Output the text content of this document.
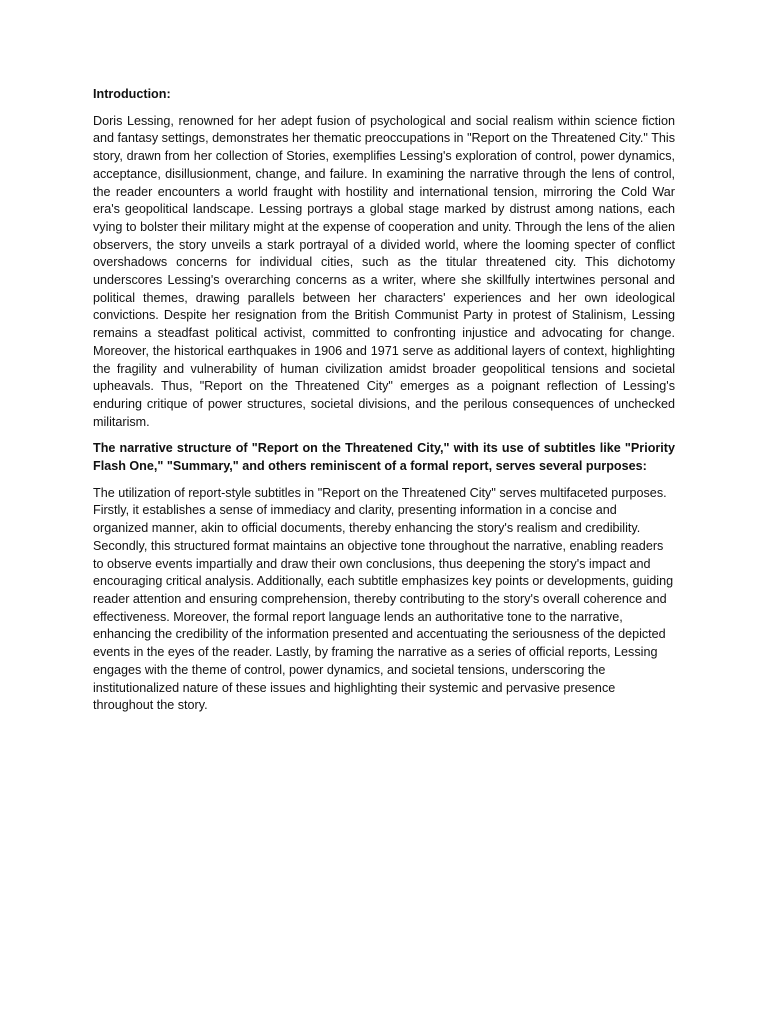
Introduction:

Doris Lessing, renowned for her adept fusion of psychological and social realism within science fiction and fantasy settings, demonstrates her thematic preoccupations in "Report on the Threatened City." This story, drawn from her collection of Stories, exemplifies Lessing's exploration of control, power dynamics, acceptance, disillusionment, change, and failure. In examining the narrative through the lens of control, the reader encounters a world fraught with hostility and international tension, mirroring the Cold War era's geopolitical landscape. Lessing portrays a global stage marked by distrust among nations, each vying to bolster their military might at the expense of cooperation and unity. Through the lens of the alien observers, the story unveils a stark portrayal of a divided world, where the looming specter of conflict overshadows concerns for individual cities, such as the titular threatened city. This dichotomy underscores Lessing's overarching concerns as a writer, where she skillfully intertwines personal and political themes, drawing parallels between her characters' experiences and her own ideological convictions. Despite her resignation from the British Communist Party in protest of Stalinism, Lessing remains a steadfast political activist, committed to confronting injustice and advocating for change. Moreover, the historical earthquakes in 1906 and 1971 serve as additional layers of context, highlighting the fragility and vulnerability of human civilization amidst broader geopolitical tensions and societal upheavals. Thus, "Report on the Threatened City" emerges as a poignant reflection of Lessing's enduring critique of power structures, societal divisions, and the perilous consequences of unchecked militarism.

The narrative structure of "Report on the Threatened City," with its use of subtitles like "Priority Flash One," "Summary," and others reminiscent of a formal report, serves several purposes:

The utilization of report-style subtitles in "Report on the Threatened City" serves multifaceted purposes. Firstly, it establishes a sense of immediacy and clarity, presenting information in a concise and organized manner, akin to official documents, thereby enhancing the story's realism and credibility. Secondly, this structured format maintains an objective tone throughout the narrative, enabling readers to observe events impartially and draw their own conclusions, thus deepening the story's impact and encouraging critical analysis. Additionally, each subtitle emphasizes key points or developments, guiding reader attention and ensuring comprehension, thereby contributing to the story's overall coherence and effectiveness. Moreover, the formal report language lends an authoritative tone to the narrative, enhancing the credibility of the information presented and accentuating the seriousness of the depicted events in the eyes of the reader. Lastly, by framing the narrative as a series of official reports, Lessing engages with the theme of control, power dynamics, and societal tensions, underscoring the institutionalized nature of these issues and highlighting their systemic and pervasive presence throughout the story.
